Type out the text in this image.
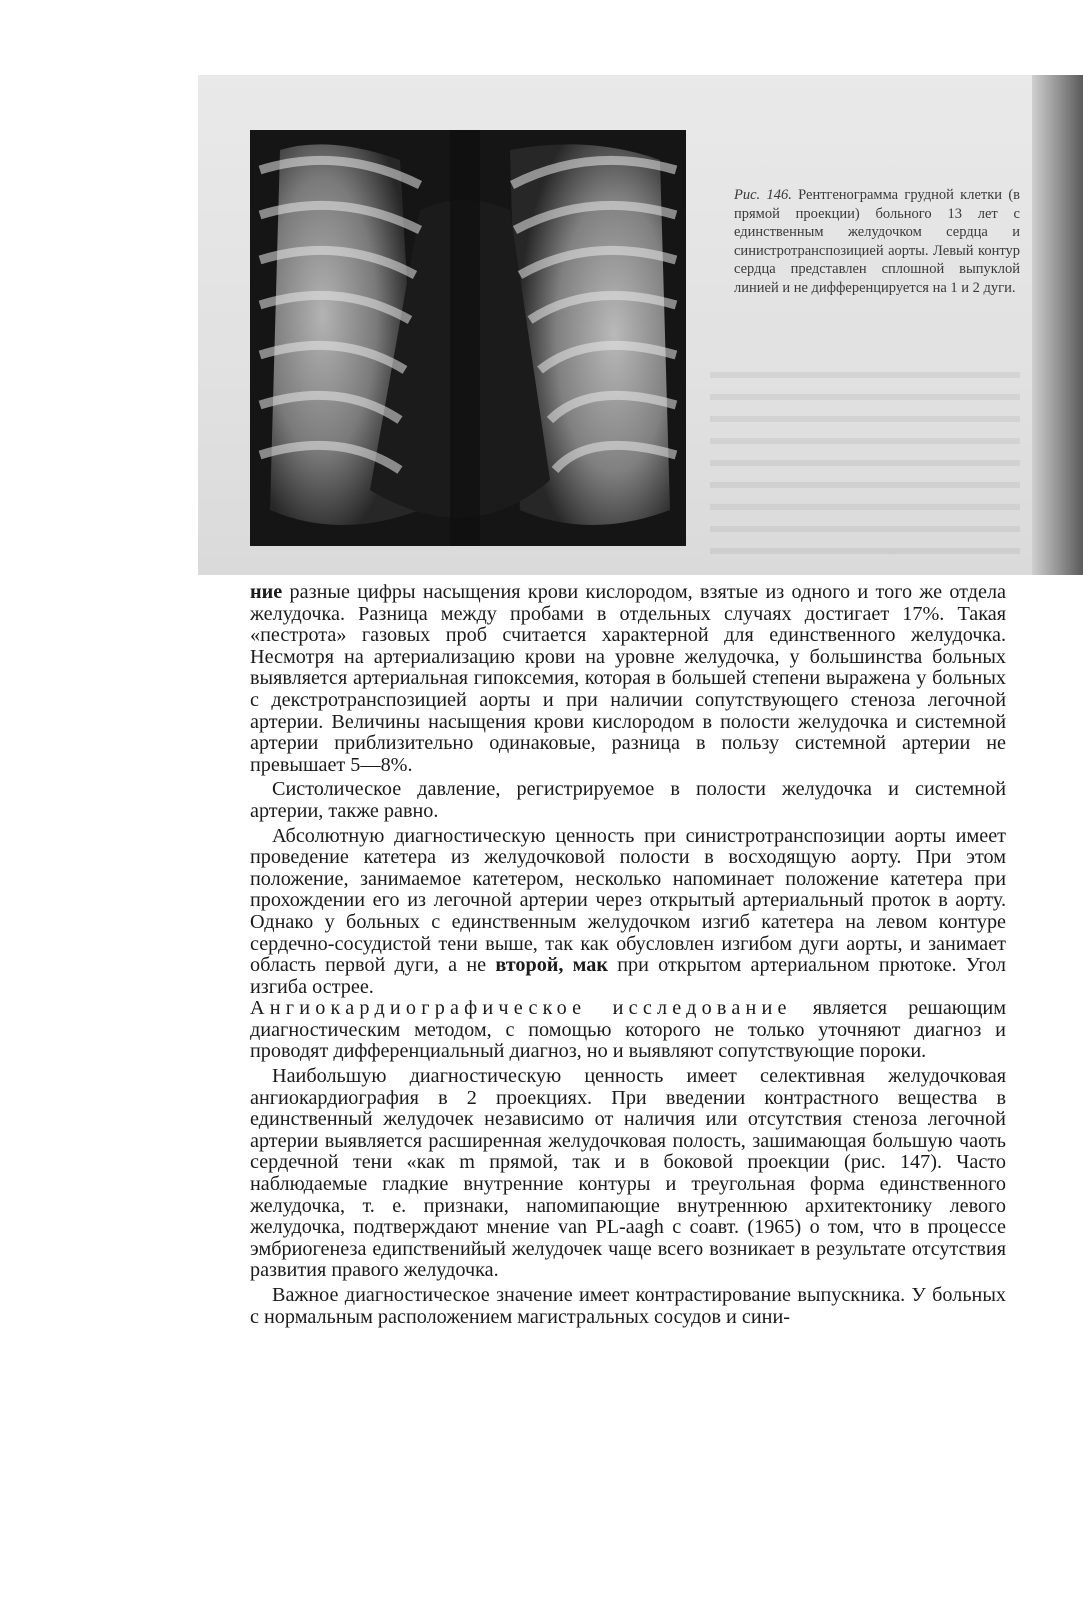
Рис. 146. Рентгенограмма грудной клетки (в прямой проекции) больного 13 лет с единственным желудочком сердца и синистротранспозицией аорты. Левый контур сердца представлен сплошной выпуклой линией и не дифференцируется на 1 и 2 дуги.

ние разные цифры насыщения крови кислородом, взятые из одного и того же отдела желудочка. Разница между пробами в отдельных случаях достигает 17%. Такая «пестрота» газовых проб считается характерной для единственного желудочка. Несмотря на артериализацию крови на уровне желудочка, у большинства больных выявляется артериальная гипоксемия, которая в большей степени выражена у больных с декстротранспозицией аорты и при наличии сопутствующего стеноза легочной артерии. Величины насыщения крови кислородом в полости желудочка и системной артерии приблизительно одинаковые, разница в пользу системной артерии не превышает 5—8%.

Систолическое давление, регистрируемое в полости желудочка и системной артерии, также равно.

Абсолютную диагностическую ценность при синистротранспозиции аорты имеет проведение катетера из желудочковой полости в восходящую аорту. При этом положение, занимаемое катетером, несколько напоминает положение катетера при прохождении его из легочной артерии через открытый артериальный проток в аорту. Однако у больных с единственным желудочком изгиб катетера на левом контуре сердечно-сосудистой тени выше, так как обусловлен изгибом дуги аорты, и занимает область первой дуги, а не второй, мак при открытом артериальном прютоке. Угол изгиба острее.

Ангиокардиографическое исследование является решающим диагностическим методом, с помощью которого не только уточняют диагноз и проводят дифференциальный диагноз, но и выявляют сопутствующие пороки.

Наибольшую диагностическую ценность имеет селективная желудочковая ангиокардиография в 2 проекциях. При введении контрастного вещества в единственный желудочек независимо от наличия или отсутствия стеноза легочной артерии выявляется расширенная желудочковая полость, зашимающая большую чаоть сердечной тени «как m прямой, так и в боковой проекции (рис. 147). Часто наблюдаемые гладкие внутренние контуры и треугольная форма единственного желудочка, т. е. признаки, напомипающие внутреннюю архитектонику левого желудочка, подтверждают мнение van PL-aagh с соавт. (1965) о том, что в процессе эмбриогенеза едипственийый желудочек чаще всего возникает в результате отсутствия развития правого желудочка.

Важное диагностическое значение имеет контрастирование выпускника. У больных с нормальным расположением магистральных сосудов и сини-
